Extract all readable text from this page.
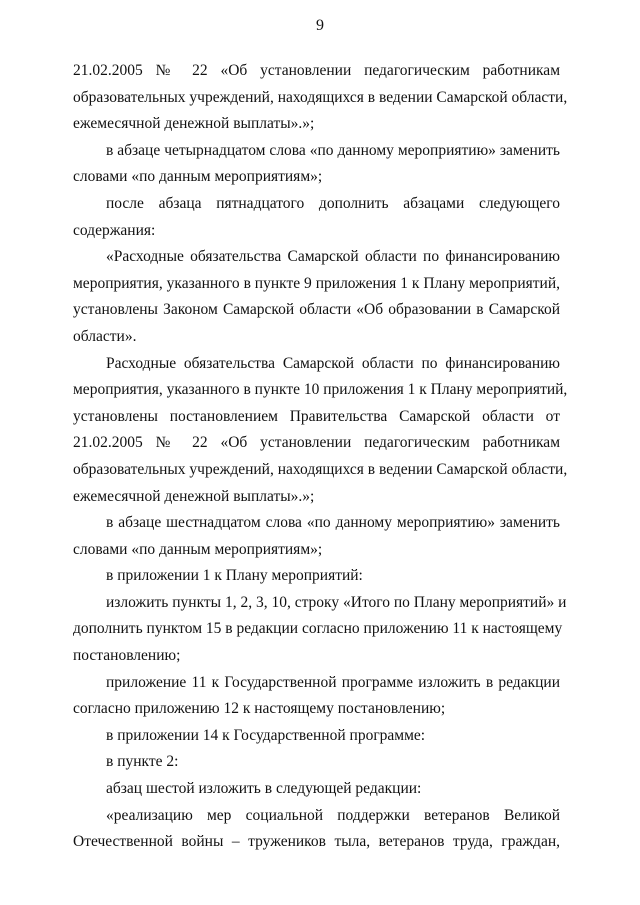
9
21.02.2005 № 22 «Об установлении педагогическим работникам
образовательных учреждений, находящихся в ведении Самарской области,
ежемесячной денежной выплаты».»;
в абзаце четырнадцатом слова «по данному мероприятию» заменить
словами «по данным мероприятиям»;
после абзаца пятнадцатого дополнить абзацами следующего
содержания:
«Расходные обязательства Самарской области по финансированию
мероприятия, указанного в пункте 9 приложения 1 к Плану мероприятий,
установлены Законом Самарской области «Об образовании в Самарской
области».
Расходные обязательства Самарской области по финансированию
мероприятия, указанного в пункте 10 приложения 1 к Плану мероприятий,
установлены постановлением Правительства Самарской области от
21.02.2005 № 22 «Об установлении педагогическим работникам
образовательных учреждений, находящихся в ведении Самарской области,
ежемесячной денежной выплаты».»;
в абзаце шестнадцатом слова «по данному мероприятию» заменить
словами «по данным мероприятиям»;
в приложении 1 к Плану мероприятий:
изложить пункты 1, 2, 3, 10, строку «Итого по Плану мероприятий» и
дополнить пунктом 15 в редакции согласно приложению 11 к настоящему
постановлению;
приложение 11 к Государственной программе изложить в редакции
согласно приложению 12 к настоящему постановлению;
в приложении 14 к Государственной программе:
в пункте 2:
абзац шестой изложить в следующей редакции:
«реализацию мер социальной поддержки ветеранов Великой
Отечественной войны – тружеников тыла, ветеранов труда, граждан,
